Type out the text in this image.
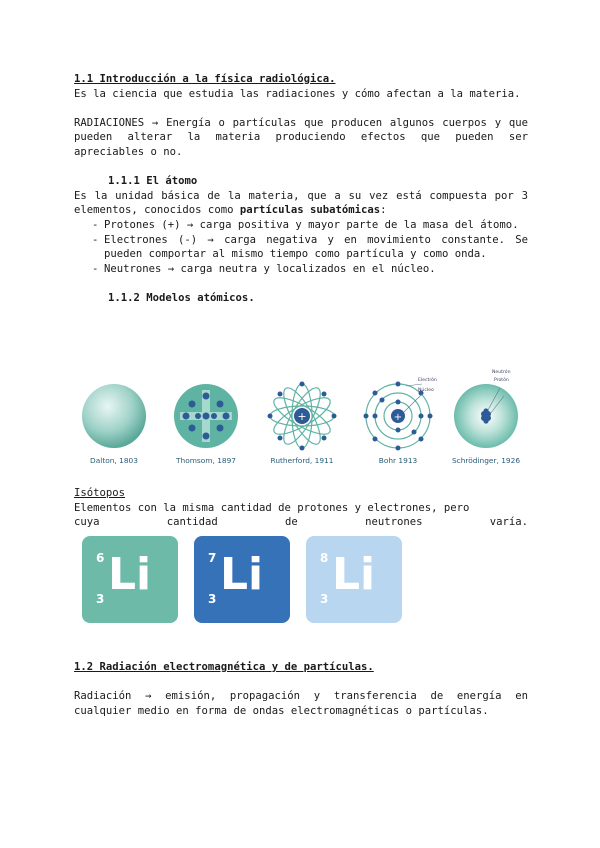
1.1 Introducción a la física radiológica.

Es la ciencia que estudia las radiaciones y cómo afectan a la materia.

RADIACIONES → Energía o partículas que producen algunos cuerpos y que pueden alterar la materia produciendo efectos que pueden ser apreciables o no.

1.1.1 El átomo

Es la unidad básica de la materia, que a su vez está compuesta por 3 elementos, conocidos como partículas subatómicas:

- Protones (+) → carga positiva y mayor parte de la masa del átomo.
- Electrones (-) → carga negativa y en movimiento constante. Se pueden comportar al mismo tiempo como partícula y como onda.
- Neutrones → carga neutra y localizados en el núcleo.
1.1.2 Modelos atómicos.
Dalton, 1803	Thomsom, 1897
+
Rutherford, 1911
+
Electrón
Núcleo
Bohr 1913
Neutrón
Protón
Schrödinger, 1926
Isótopos
Elementos con la misma cantidad de protones y electrones, pero
cuya	cantidad	de	neutrones	varía.
6 Li
3
7 Li
3
8 Li
3
1.2 Radiación electromagnética y de partículas.

Radiación → emisión, propagación y transferencia de energía en cualquier medio en forma de ondas electromagnéticas o partículas.
